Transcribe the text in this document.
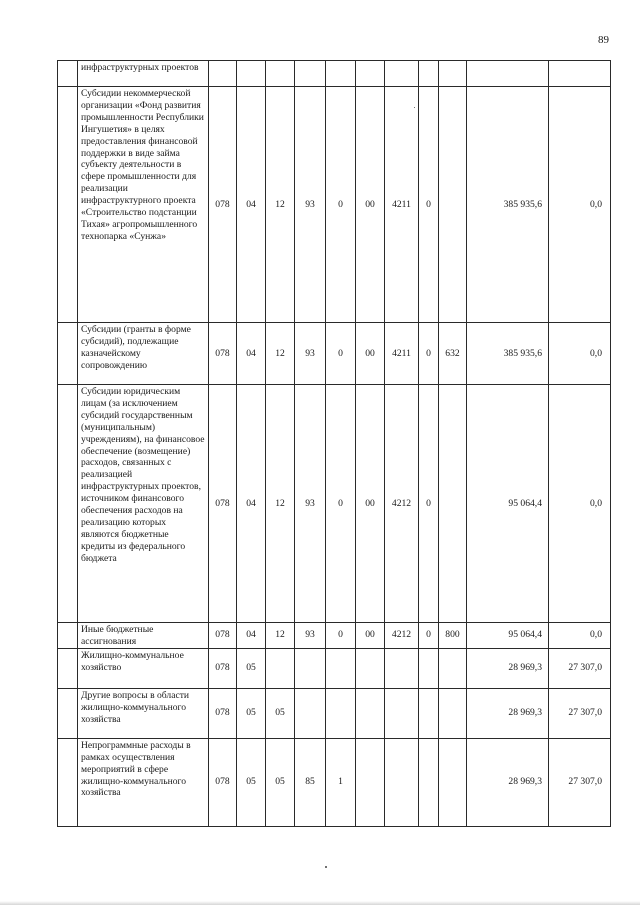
89
	инфраструктурных проектов											
	Субсидии некоммерческой организации «Фонд развития промышленности Республики Ингушетия» в целях предоставления финансовой поддержки в виде займа субъекту деятельности в сфере промышленности для реализации инфраструктурного проекта «Строительство подстанции Тихая» агропромышленного технопарка «Сунжа»	078	04	12	93	0	00	4211	0		385 935,6	0,0
	Субсидии (гранты в форме субсидий), подлежащие казначейскому сопровождению	078	04	12	93	0	00	4211	0	632	385 935,6	0,0
	Субсидии юридическим лицам (за исключением субсидий государственным (муниципальным) учреждениям), на финансовое обеспечение (возмещение) расходов, связанных с реализацией инфраструктурных проектов, источником финансового обеспечения расходов на реализацию которых являются бюджетные кредиты из федерального бюджета	078	04	12	93	0	00	4212	0		95 064,4	0,0
	Иные бюджетные ассигнования	078	04	12	93	0	00	4212	0	800	95 064,4	0,0
	Жилищно-коммунальное хозяйство	078	05								28 969,3	27 307,0
	Другие вопросы в области жилищно-коммунального хозяйства	078	05	05							28 969,3	27 307,0
	Непрограммные расходы в рамках осуществления мероприятий в сфере жилищно-коммунального хозяйства	078	05	05	85	1					28 969,3	27 307,0
